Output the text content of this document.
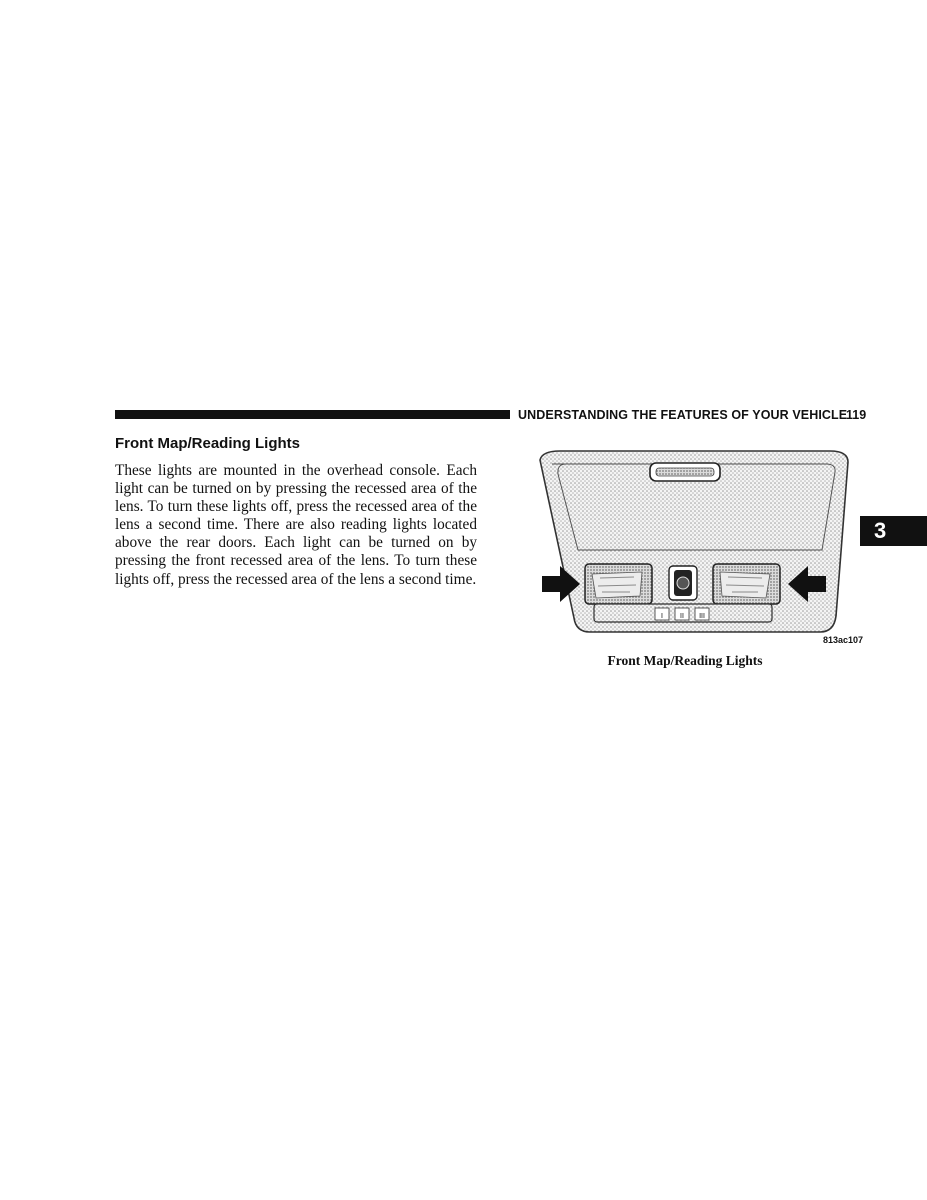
UNDERSTANDING THE FEATURES OF YOUR VEHICLE
119
Front Map/Reading Lights
These lights are mounted in the overhead console. Each light can be turned on by pressing the recessed area of the lens. To turn these lights off, press the recessed area of the lens a second time. There are also reading lights located above the rear doors. Each light can be turned on by pressing the front recessed area of the lens. To turn these lights off, press the recessed area of the lens a second time.
3
I II III
813ac107
Front Map/Reading Lights
